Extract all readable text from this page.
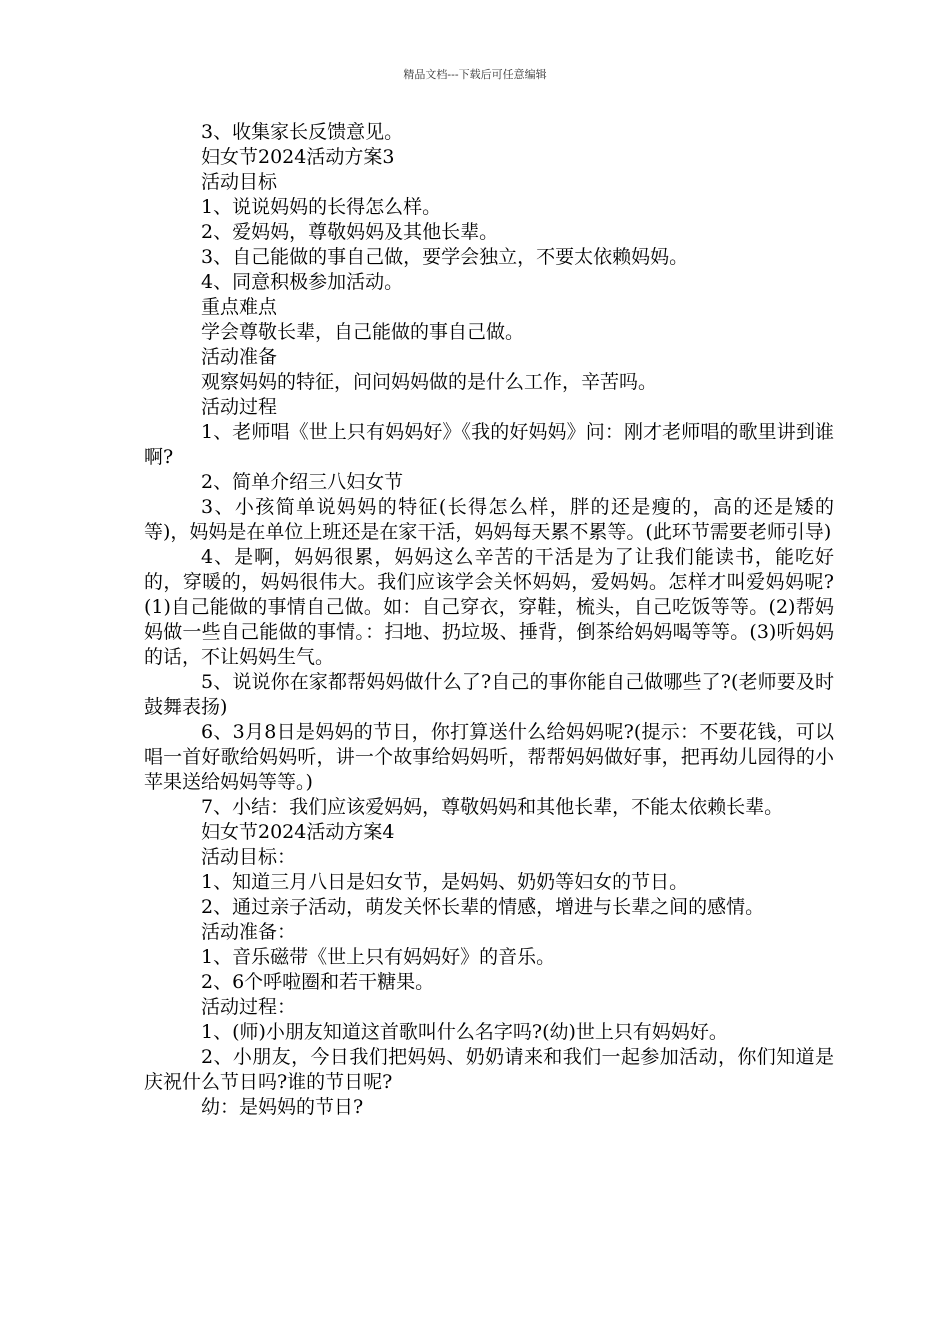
精品文档---下载后可任意编辑

3、收集家长反馈意见。

妇女节2024活动方案3

活动目标

1、说说妈妈的长得怎么样。

2、爱妈妈，尊敬妈妈及其他长辈。

3、自己能做的事自己做，要学会独立，不要太依赖妈妈。

4、同意积极参加活动。

重点难点

学会尊敬长辈，自己能做的事自己做。

活动准备

观察妈妈的特征，问问妈妈做的是什么工作，辛苦吗。

活动过程

1、老师唱《世上只有妈妈好》《我的好妈妈》问：刚才老师唱的歌里讲到谁啊?

2、简单介绍三八妇女节

3、小孩简单说妈妈的特征(长得怎么样，胖的还是瘦的，高的还是矮的等)，妈妈是在单位上班还是在家干活，妈妈每天累不累等。(此环节需要老师引导)

4、是啊，妈妈很累，妈妈这么辛苦的干活是为了让我们能读书，能吃好的，穿暖的，妈妈很伟大。我们应该学会关怀妈妈，爱妈妈。怎样才叫爱妈妈呢?(1)自己能做的事情自己做。如：自己穿衣，穿鞋，梳头，自己吃饭等等。(2)帮妈妈做一些自己能做的事情。：扫地、扔垃圾、捶背，倒茶给妈妈喝等等。(3)听妈妈的话，不让妈妈生气。

5、说说你在家都帮妈妈做什么了?自己的事你能自己做哪些了?(老师要及时鼓舞表扬)

6、3月8日是妈妈的节日，你打算送什么给妈妈呢?(提示：不要花钱，可以唱一首好歌给妈妈听，讲一个故事给妈妈听，帮帮妈妈做好事，把再幼儿园得的小苹果送给妈妈等等。)

7、小结：我们应该爱妈妈，尊敬妈妈和其他长辈，不能太依赖长辈。

妇女节2024活动方案4

活动目标：

1、知道三月八日是妇女节，是妈妈、奶奶等妇女的节日。

2、通过亲子活动，萌发关怀长辈的情感，增进与长辈之间的感情。

活动准备：

1、音乐磁带《世上只有妈妈好》的音乐。

2、6个呼啦圈和若干糖果。

活动过程：

1、(师)小朋友知道这首歌叫什么名字吗?(幼)世上只有妈妈好。

2、小朋友，今日我们把妈妈、奶奶请来和我们一起参加活动，你们知道是庆祝什么节日吗?谁的节日呢?

幼：是妈妈的节日?
